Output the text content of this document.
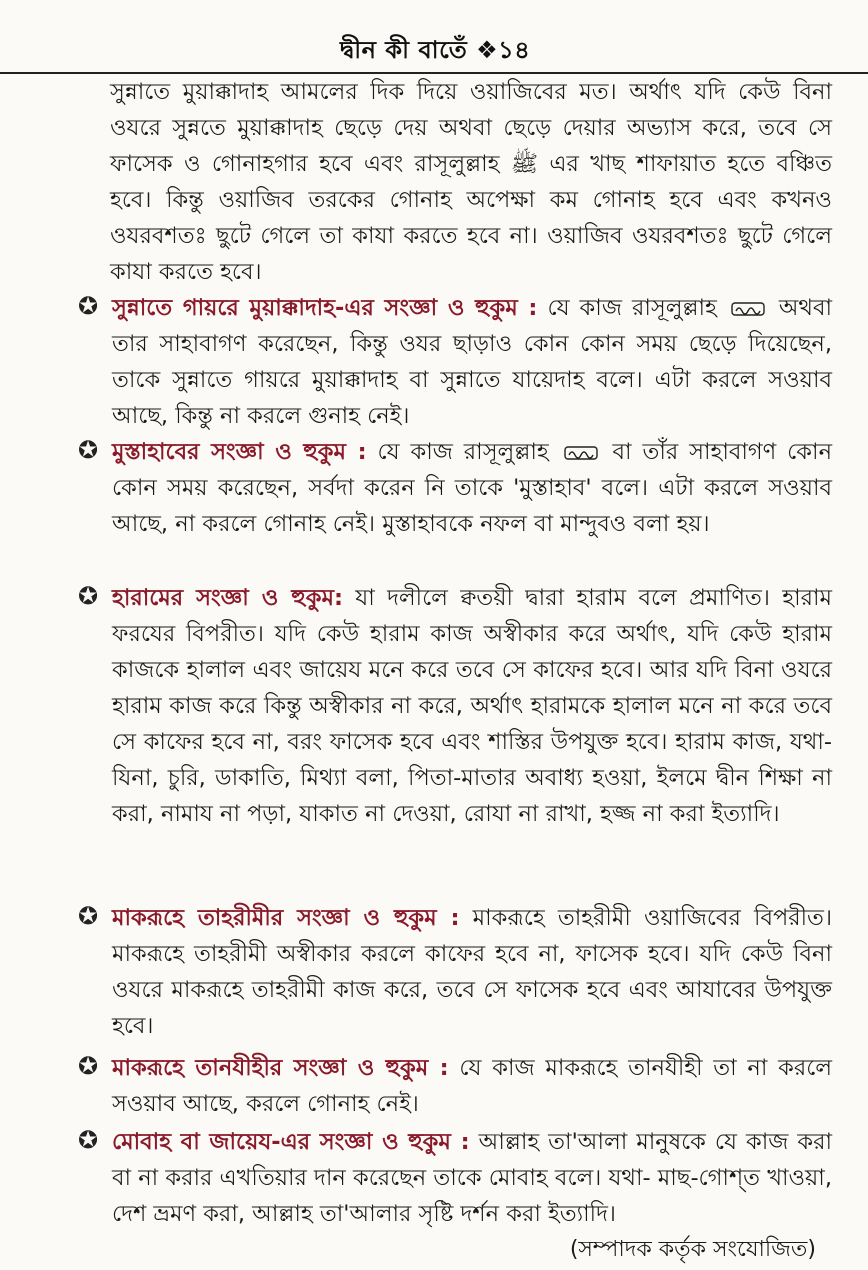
দ্বীন কী বাতেঁ ❖১৪

সুন্নাতে মুয়াক্কাদাহ আমলের দিক দিয়ে ওয়াজিবের মত। অর্থাৎ যদি কেউ বিনা ওযরে সুন্নতে মুয়াক্কাদাহ ছেড়ে দেয় অথবা ছেড়ে দেয়ার অভ্যাস করে, তবে সে ফাসেক ও গোনাহগার হবে এবং রাসূলুল্লাহ ﷺ এর খাছ শাফায়াত হতে বঞ্চিত হবে। কিন্তু ওয়াজিব তরকের গোনাহ অপেক্ষা কম গোনাহ হবে এবং কখনও ওযরবশতঃ ছুটে গেলে তা কাযা করতে হবে না। ওয়াজিব ওযরবশতঃ ছুটে গেলে কাযা করতে হবে।

✪ সুন্নাতে গায়রে মুয়াক্কাদাহ-এর সংজ্ঞা ও হুকুম : যে কাজ রাসূলুল্লাহ	অথবা তার সাহাবাগণ করেছেন, কিন্তু ওযর ছাড়াও কোন কোন সময় ছেড়ে দিয়েছেন, তাকে সুন্নাতে গায়রে মুয়াক্কাদাহ বা সুন্নাতে যায়েদাহ বলে। এটা করলে সওয়াব আছে, কিন্তু না করলে গুনাহ নেই।

✪ মুস্তাহাবের সংজ্ঞা ও হুকুম : যে কাজ রাসূলুল্লাহ	বা তাঁর সাহাবাগণ কোন কোন সময় করেছেন, সর্বদা করেন নি তাকে 'মুস্তাহাব' বলে। এটা করলে সওয়াব আছে, না করলে গোনাহ নেই। মুস্তাহাবকে নফল বা মান্দুবও বলা হয়।

✪ হারামের সংজ্ঞা ও হুকুম: যা দলীলে ক্বতয়ী দ্বারা হারাম বলে প্রমাণিত। হারাম ফরযের বিপরীত। যদি কেউ হারাম কাজ অস্বীকার করে অর্থাৎ, যদি কেউ হারাম কাজকে হালাল এবং জায়েয মনে করে তবে সে কাফের হবে। আর যদি বিনা ওযরে হারাম কাজ করে কিন্তু অস্বীকার না করে, অর্থাৎ হারামকে হালাল মনে না করে তবে সে কাফের হবে না, বরং ফাসেক হবে এবং শাস্তির উপযুক্ত হবে। হারাম কাজ, যথা-যিনা, চুরি, ডাকাতি, মিথ্যা বলা, পিতা-মাতার অবাধ্য হওয়া, ইলমে দ্বীন শিক্ষা না করা, নামায না পড়া, যাকাত না দেওয়া, রোযা না রাখা, হজ্জ না করা ইত্যাদি।

✪ মাকরূহে তাহরীমীর সংজ্ঞা ও হুকুম : মাকরূহে তাহরীমী ওয়াজিবের বিপরীত। মাকরূহে তাহরীমী অস্বীকার করলে কাফের হবে না, ফাসেক হবে। যদি কেউ বিনা ওযরে মাকরূহে তাহরীমী কাজ করে, তবে সে ফাসেক হবে এবং আযাবের উপযুক্ত হবে।

✪ মাকরূহে তানযীহীর সংজ্ঞা ও হুকুম : যে কাজ মাকরূহে তানযীহী তা না করলে সওয়াব আছে, করলে গোনাহ নেই।

✪ মোবাহ বা জায়েয-এর সংজ্ঞা ও হুকুম : আল্লাহ তা'আলা মানুষকে যে কাজ করা বা না করার এখতিয়ার দান করেছেন তাকে মোবাহ বলে। যথা- মাছ-গোশ্‌ত খাওয়া, দেশ ভ্রমণ করা, আল্লাহ তা'আলার সৃষ্টি দর্শন করা ইত্যাদি।

(সম্পাদক কর্তৃক সংযোজিত)
